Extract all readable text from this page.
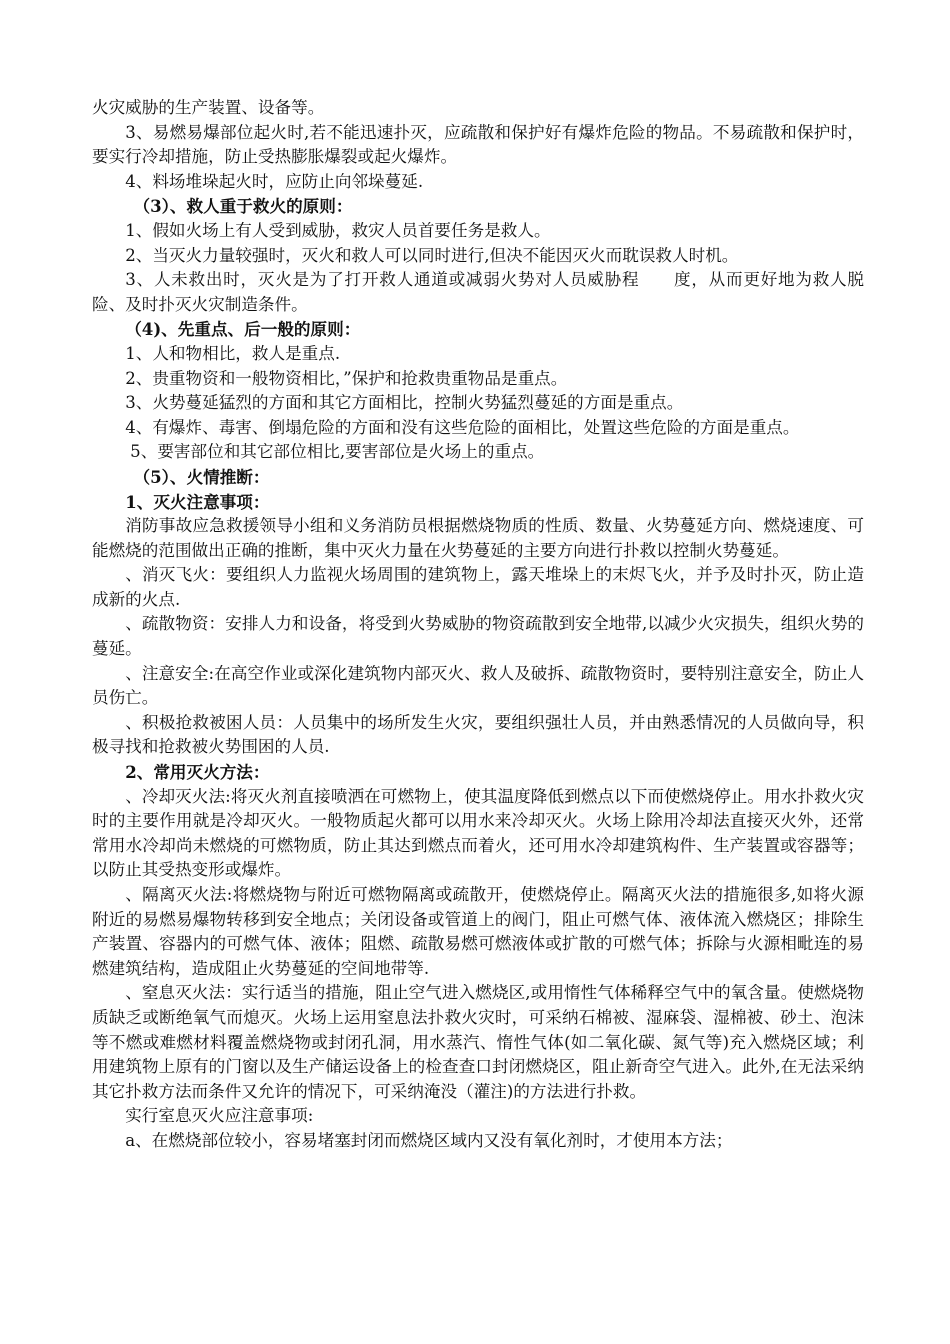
火灾威胁的生产装置、设备等。

3、易燃易爆部位起火时,若不能迅速扑灭，应疏散和保护好有爆炸危险的物品。不易疏散和保护时，要实行冷却措施，防止受热膨胀爆裂或起火爆炸。

4、料场堆垛起火时，应防止向邻垛蔓延.

（3）、救人重于救火的原则：

1、假如火场上有人受到威胁，救灾人员首要任务是救人。

2、当灭火力量较强时，灭火和救人可以同时进行,但决不能因灭火而耽误救人时机。

3、人未救出时，灭火是为了打开救人通道或减弱火势对人员威胁程　　度，从而更好地为救人脱险、及时扑灭火灾制造条件。

（4)、先重点、后一般的原则：

1、人和物相比，救人是重点.

2、贵重物资和一般物资相比，”保护和抢救贵重物品是重点。

3、火势蔓延猛烈的方面和其它方面相比，控制火势猛烈蔓延的方面是重点。

4、有爆炸、毒害、倒塌危险的方面和没有这些危险的面相比，处置这些危险的方面是重点。

5、要害部位和其它部位相比,要害部位是火场上的重点。

（5）、火情推断：

1、灭火注意事项：

消防事故应急救援领导小组和义务消防员根据燃烧物质的性质、数量、火势蔓延方向、燃烧速度、可能燃烧的范围做出正确的推断，集中灭火力量在火势蔓延的主要方向进行扑救以控制火势蔓延。

、消灭飞火：要组织人力监视火场周围的建筑物上，露天堆垛上的末烬飞火，并予及时扑灭，防止造成新的火点.

、疏散物资：安排人力和设备，将受到火势威胁的物资疏散到安全地带,以减少火灾损失，组织火势的蔓延。

、注意安全:在高空作业或深化建筑物内部灭火、救人及破拆、疏散物资时，要特别注意安全，防止人员伤亡。

、积极抢救被困人员：人员集中的场所发生火灾，要组织强壮人员，并由熟悉情况的人员做向导，积极寻找和抢救被火势围困的人员.

2、常用灭火方法：

、冷却灭火法:将灭火剂直接喷洒在可燃物上，使其温度降低到燃点以下而使燃烧停止。用水扑救火灾时的主要作用就是冷却灭火。一般物质起火都可以用水来冷却灭火。火场上除用冷却法直接灭火外，还常常用水冷却尚未燃烧的可燃物质，防止其达到燃点而着火，还可用水冷却建筑构件、生产装置或容器等；以防止其受热变形或爆炸。

、隔离灭火法:将燃烧物与附近可燃物隔离或疏散开，使燃烧停止。隔离灭火法的措施很多,如将火源附近的易燃易爆物转移到安全地点；关闭设备或管道上的阀门，阻止可燃气体、液体流入燃烧区；排除生产装置、容器内的可燃气体、液体；阻燃、疏散易燃可燃液体或扩散的可燃气体；拆除与火源相毗连的易燃建筑结构，造成阻止火势蔓延的空间地带等.

、窒息灭火法：实行适当的措施，阻止空气进入燃烧区,或用惰性气体稀释空气中的氧含量。使燃烧物质缺乏或断绝氧气而熄灭。火场上运用窒息法扑救火灾时，可采纳石棉被、湿麻袋、湿棉被、砂土、泡沫等不燃或难燃材料覆盖燃烧物或封闭孔洞，用水蒸汽、惰性气体(如二氧化碳、氮气等)充入燃烧区域；利用建筑物上原有的门窗以及生产储运设备上的检查查口封闭燃烧区，阻止新奇空气进入。此外,在无法采纳其它扑救方法而条件又允许的情况下，可采纳淹没（灌注)的方法进行扑救。

实行室息灭火应注意事项:

a、在燃烧部位较小，容易堵塞封闭而燃烧区域内又没有氧化剂时，才使用本方法；
